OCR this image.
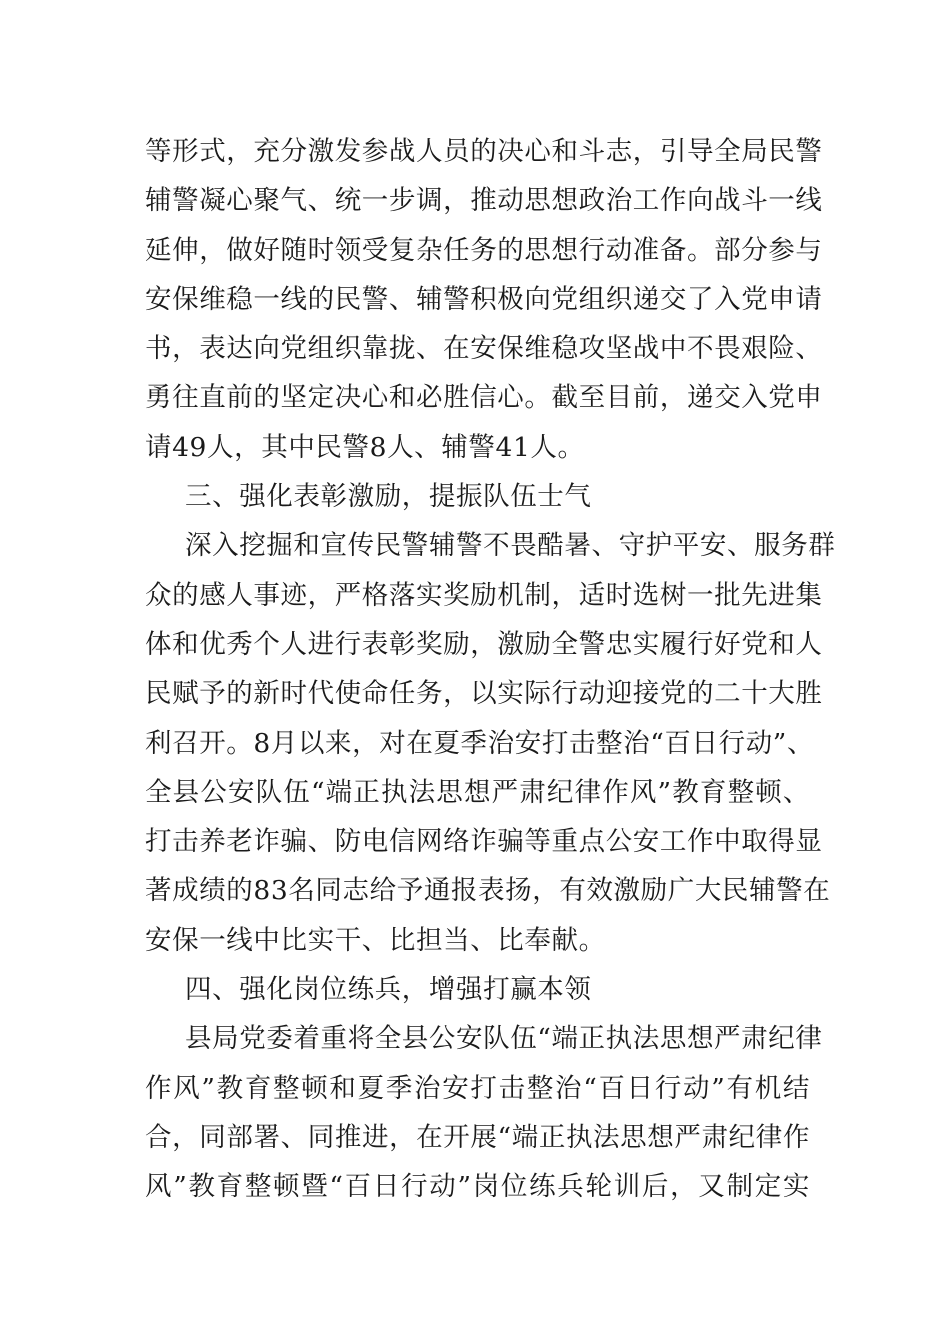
等形式，充分激发参战人员的决心和斗志，引导全局民警
辅警凝心聚气、统一步调，推动思想政治工作向战斗一线
延伸，做好随时领受复杂任务的思想行动准备。部分参与
安保维稳一线的民警、辅警积极向党组织递交了入党申请
书，表达向党组织靠拢、在安保维稳攻坚战中不畏艰险、
勇往直前的坚定决心和必胜信心。截至目前，递交入党申
请49人，其中民警8人、辅警41人。
三、强化表彰激励，提振队伍士气
深入挖掘和宣传民警辅警不畏酷暑、守护平安、服务群
众的感人事迹，严格落实奖励机制，适时选树一批先进集
体和优秀个人进行表彰奖励，激励全警忠实履行好党和人
民赋予的新时代使命任务，以实际行动迎接党的二十大胜
利召开。8月以来，对在夏季治安打击整治“百日行动”、
全县公安队伍“端正执法思想严肃纪律作风”教育整顿、
打击养老诈骗、防电信网络诈骗等重点公安工作中取得显
著成绩的83名同志给予通报表扬，有效激励广大民辅警在
安保一线中比实干、比担当、比奉献。
四、强化岗位练兵，增强打赢本领
县局党委着重将全县公安队伍“端正执法思想严肃纪律
作风”教育整顿和夏季治安打击整治“百日行动”有机结
合，同部署、同推进，在开展“端正执法思想严肃纪律作
风”教育整顿暨“百日行动”岗位练兵轮训后，又制定实
